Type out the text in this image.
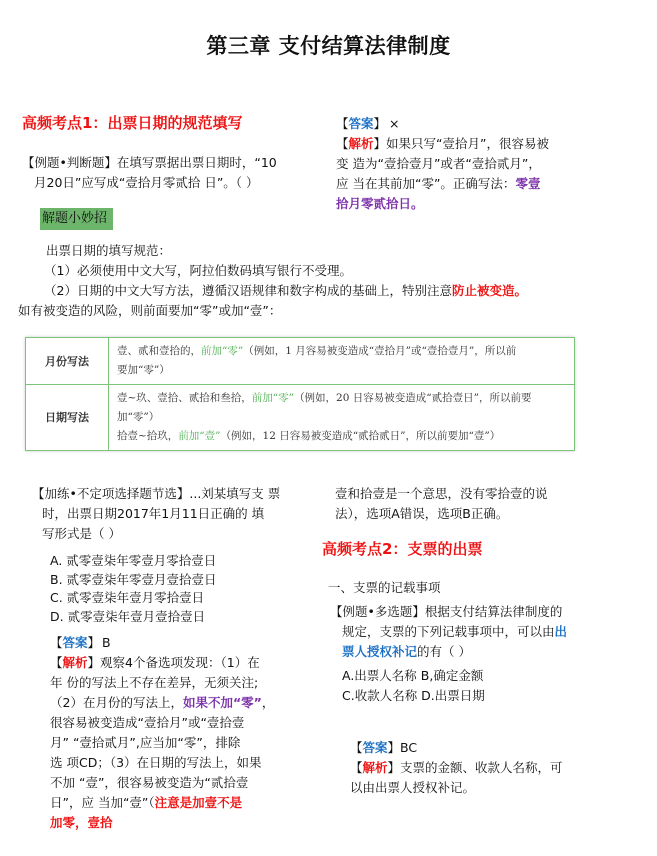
第三章 支付结算法律制度
高频考点1：出票日期的规范填写
【例题•判断题】在填写票据出票日期时，“10
月20日”应写成“壹拾月零贰拾 日”。（ ）
【答案】 ×
【解析】如果只写“壹拾月”，很容易被
变 造为“壹拾壹月”或者“壹拾贰月”，
应 当在其前加“零”。正确写法：零壹
拾月零贰拾日。
解题小妙招
出票日期的填写规范：
（1）必须使用中文大写，阿拉伯数码填写银行不受理。
（2）日期的中文大写方法，遵循汉语规律和数字构成的基础上，特别注意防止被变造。
如有被变造的风险，则前面要加“零”或加“壹”：
月份写法	壹、贰和壹拾的，前加“零”（例如，1 月容易被变造成“壹拾月”或“壹拾壹月”，所以前
要加“零”）

日期写法	壹~玖、壹拾、贰拾和叁拾，前加“零”（例如，20 日容易被变造成“贰拾壹日”，所以前要
加“零”）
拾壹~拾玖，前加“壹”（例如，12 日容易被变造成“贰拾贰日”，所以前要加“壹”）
【加练•不定项选择题节选】...刘某填写支 票
时，出票日期2017年1月11日正确的 填
写形式是（ ）
A. 贰零壹柒年零壹月零拾壹日
B. 贰零壹柒年零壹月壹拾壹日
C. 贰零壹柒年壹月零拾壹日
D. 贰零壹柒年壹月壹拾壹日
【答案】 B
【解析】观察4个备选项发现：（1）在
年 份的写法上不存在差异，无须关注;
（2）在月份的写法上，如果不加“零”，
很容易被变造成“壹拾月”或“壹拾壹
月” “壹拾贰月”,应当加“零”，排除
选 项CD；（3）在日期的写法上，如果
不加 “壹”，很容易被变造为“贰拾壹
日”，应 当加“壹”（注意是加壹不是
加零，壹拾
壹和拾壹是一个意思，没有零拾壹的说
法），选项A错误，选项B正确。
高频考点2：支票的出票
一、支票的记载事项
【例题•多选题】根据支付结算法律制度的
规定，支票的下列记载事项中，可以由出
票人授权补记的有（ ）
A.出票人名称 B,确定金额
C.收款人名称 D.出票日期
【答案】BC
【解析】支票的金额、收款人名称，可
以由出票人授权补记。
